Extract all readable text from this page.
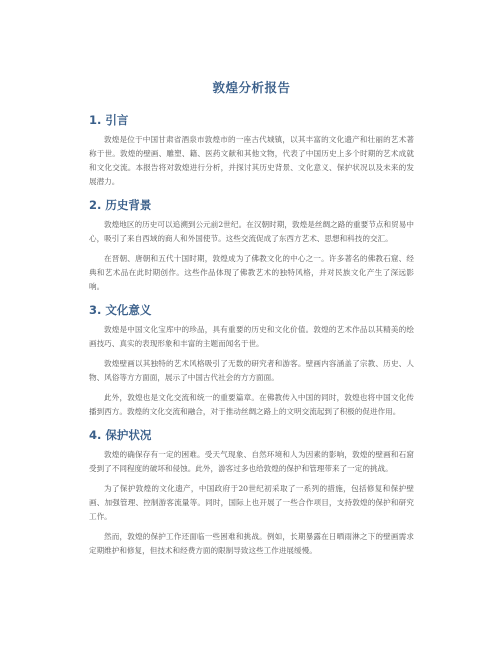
敦煌分析报告
1. 引言

敦煌是位于中国甘肃省酒泉市敦煌市的一座古代城镇，以其丰富的文化遗产和壮丽的艺术著称于世。敦煌的壁画、雕塑、籍、医药文献和其他文物，代表了中国历史上多个时期的艺术成就和文化交流。本报告将对敦煌进行分析，并探讨其历史背景、文化意义、保护状况以及未来的发展潜力。

2. 历史背景

敦煌地区的历史可以追溯到公元前2世纪。在汉朝时期，敦煌是丝绸之路的重要节点和贸易中心，吸引了来自西域的商人和外国使节。这些交流促成了东西方艺术、思想和科技的交汇。

在晋朝、唐朝和五代十国时期，敦煌成为了佛教文化的中心之一。许多著名的佛教石窟、经典和艺术品在此时期创作。这些作品体现了佛教艺术的独特风格，并对民族文化产生了深远影响。

3. 文化意义

敦煌是中国文化宝库中的珍品，具有重要的历史和文化价值。敦煌的艺术作品以其精美的绘画技巧、真实的表现形象和丰富的主题而闻名于世。

敦煌壁画以其独特的艺术风格吸引了无数的研究者和游客。壁画内容涵盖了宗教、历史、人物、风俗等方方面面，展示了中国古代社会的方方面面。

此外，敦煌也是文化交流和统一的重要篇章。在佛教传入中国的同时，敦煌也将中国文化传播到西方。敦煌的文化交流和融合，对于推动丝绸之路上的文明交流起到了积极的促进作用。

4. 保护状况

敦煌的确保存有一定的困难。受天气现象、自然环境和人为因素的影响，敦煌的壁画和石窟受到了不同程度的破坏和侵蚀。此外，游客过多也给敦煌的保护和管理带来了一定的挑战。

为了保护敦煌的文化遗产，中国政府于20世纪初采取了一系列的措施，包括修复和保护壁画、加强管理、控制游客流量等。同时，国际上也开展了一些合作项目，支持敦煌的保护和研究工作。

然而，敦煌的保护工作还面临一些困难和挑战。例如，长期暴露在日晒雨淋之下的壁画需求定期维护和修复，但技术和经费方面的限制导致这些工作进展缓慢。
